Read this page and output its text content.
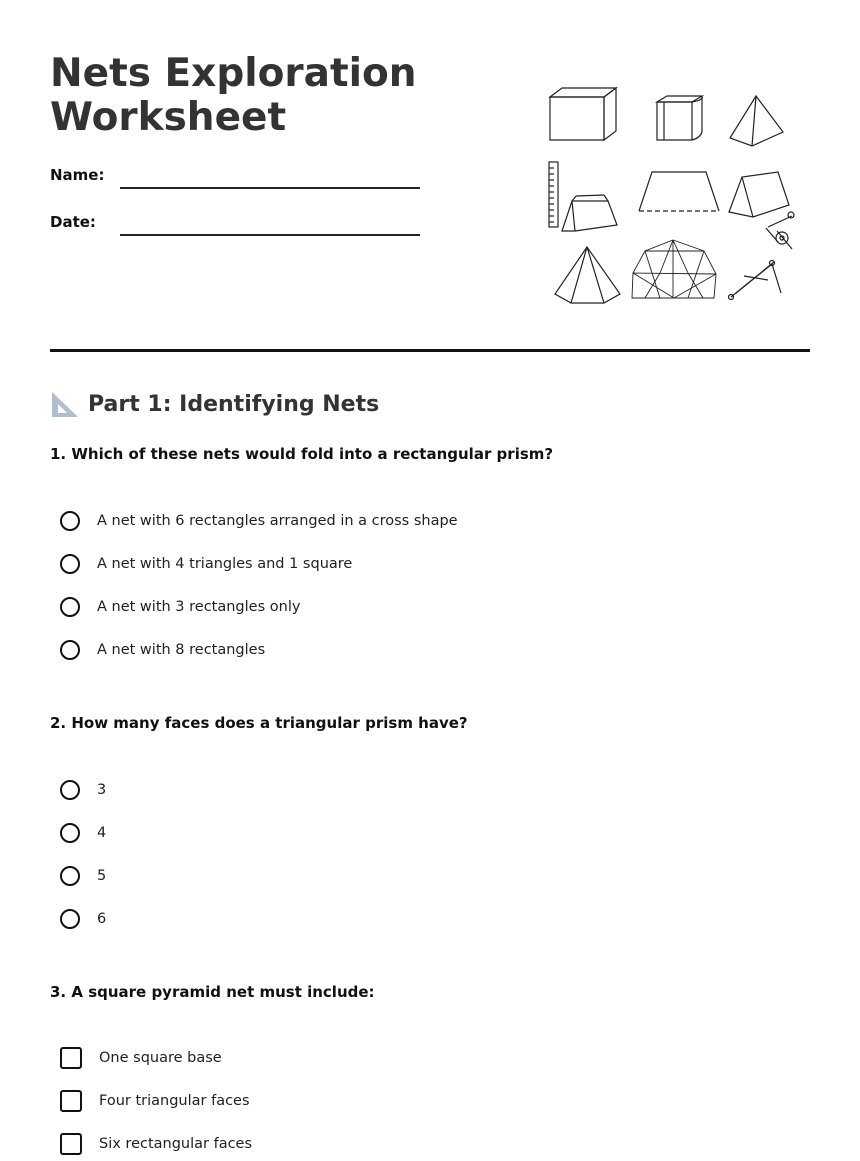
Nets Exploration
Worksheet
Name:
Date:
Part 1: Identifying Nets
1. Which of these nets would fold into a rectangular prism?
A net with 6 rectangles arranged in a cross shape
A net with 4 triangles and 1 square
A net with 3 rectangles only
A net with 8 rectangles
2. How many faces does a triangular prism have?
3
4
5
6
3. A square pyramid net must include:
One square base
Four triangular faces
Six rectangular faces
